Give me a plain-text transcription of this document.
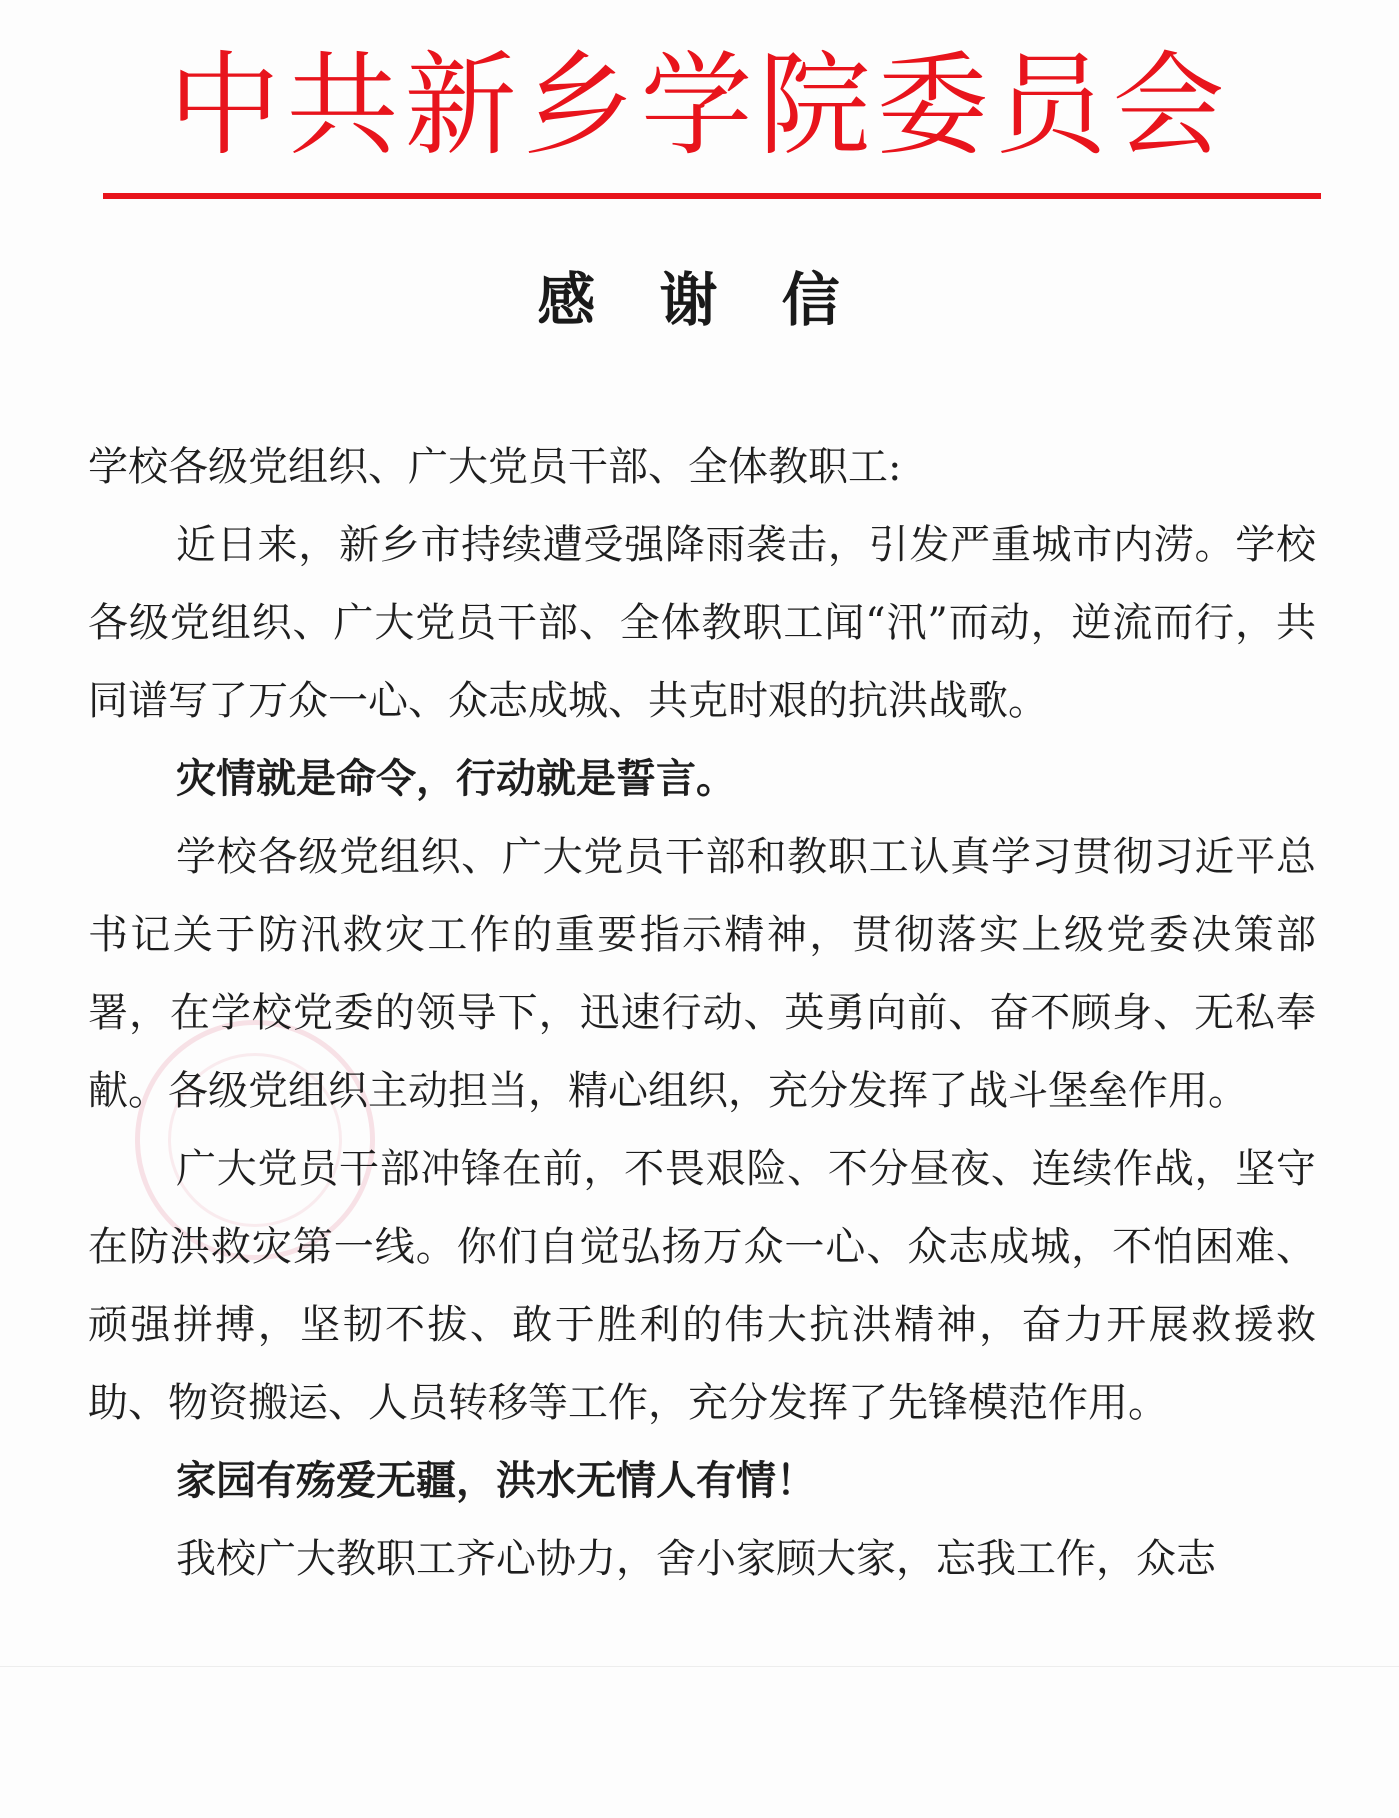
中共新乡学院委员会
感 谢 信

学校各级党组织、广大党员干部、全体教职工:

近日来，新乡市持续遭受强降雨袭击，引发严重城市内涝。学校各级党组织、广大党员干部、全体教职工闻“汛”而动，逆流而行，共同谱写了万众一心、众志成城、共克时艰的抗洪战歌。

灾情就是命令，行动就是誓言。

学校各级党组织、广大党员干部和教职工认真学习贯彻习近平总书记关于防汛救灾工作的重要指示精神，贯彻落实上级党委决策部署，在学校党委的领导下，迅速行动、英勇向前、奋不顾身、无私奉献。各级党组织主动担当，精心组织，充分发挥了战斗堡垒作用。

广大党员干部冲锋在前，不畏艰险、不分昼夜、连续作战，坚守在防洪救灾第一线。你们自觉弘扬万众一心、众志成城，不怕困难、顽强拼搏，坚韧不拔、敢于胜利的伟大抗洪精神，奋力开展救援救助、物资搬运、人员转移等工作，充分发挥了先锋模范作用。

家园有殇爱无疆，洪水无情人有情！

我校广大教职工齐心协力，舍小家顾大家，忘我工作，众志
